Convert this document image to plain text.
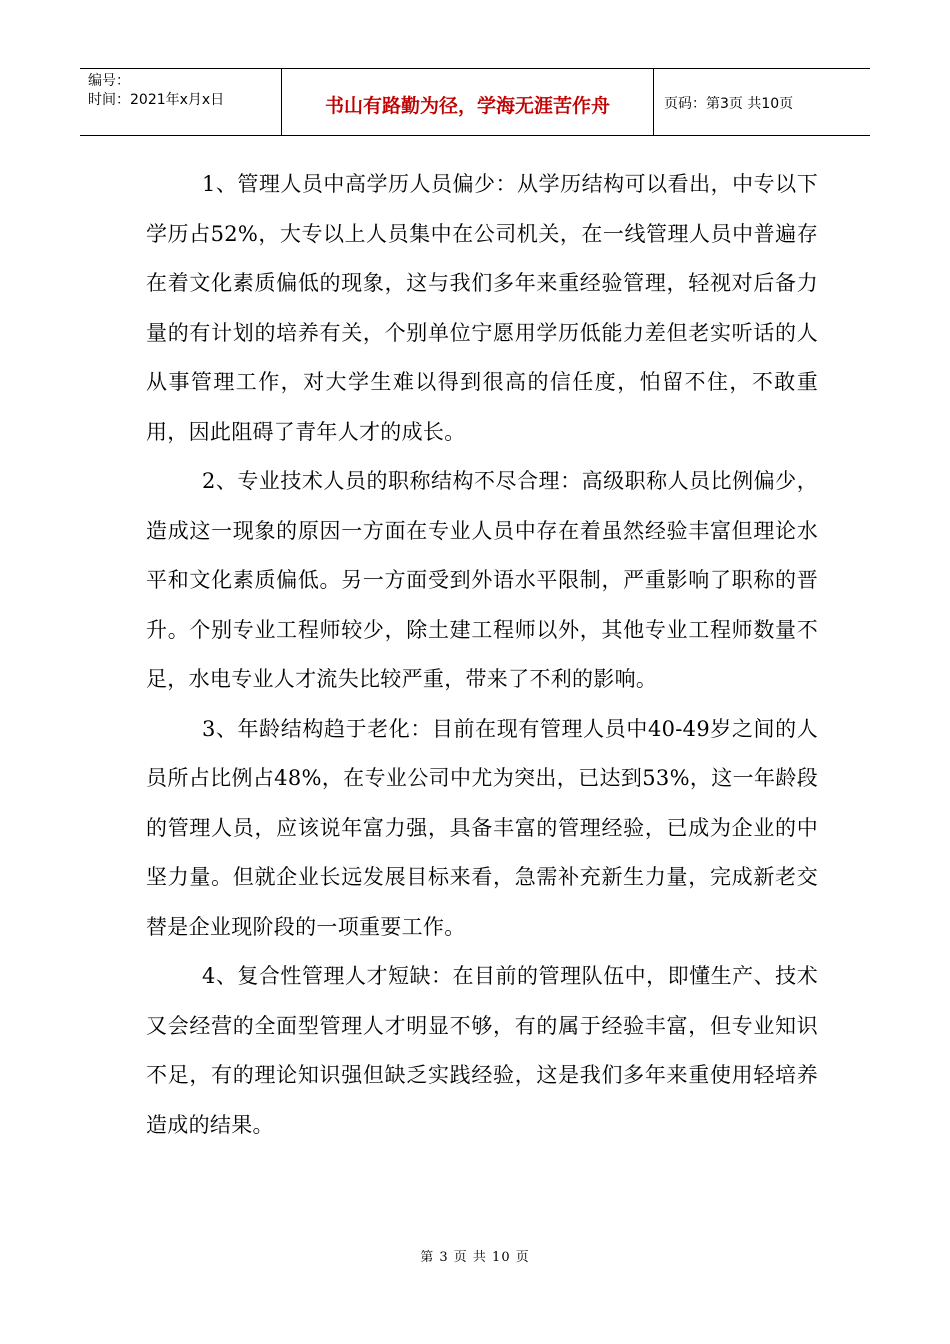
编号：
时间：2021年x月x日	书山有路勤为径，学海无涯苦作舟	页码：第3页 共10页

1、管理人员中高学历人员偏少：从学历结构可以看出，中专以下学历占52%，大专以上人员集中在公司机关，在一线管理人员中普遍存在着文化素质偏低的现象，这与我们多年来重经验管理，轻视对后备力量的有计划的培养有关，个别单位宁愿用学历低能力差但老实听话的人从事管理工作，对大学生难以得到很高的信任度，怕留不住，不敢重用，因此阻碍了青年人才的成长。

2、专业技术人员的职称结构不尽合理：高级职称人员比例偏少，造成这一现象的原因一方面在专业人员中存在着虽然经验丰富但理论水平和文化素质偏低。另一方面受到外语水平限制，严重影响了职称的晋升。个别专业工程师较少，除土建工程师以外，其他专业工程师数量不足，水电专业人才流失比较严重，带来了不利的影响。

3、年龄结构趋于老化：目前在现有管理人员中40-49岁之间的人员所占比例占48%，在专业公司中尤为突出，已达到53%，这一年龄段的管理人员，应该说年富力强，具备丰富的管理经验，已成为企业的中坚力量。但就企业长远发展目标来看，急需补充新生力量，完成新老交替是企业现阶段的一项重要工作。

4、复合性管理人才短缺：在目前的管理队伍中，即懂生产、技术又会经营的全面型管理人才明显不够，有的属于经验丰富，但专业知识不足，有的理论知识强但缺乏实践经验，这是我们多年来重使用轻培养造成的结果。

第 3 页 共 10 页
